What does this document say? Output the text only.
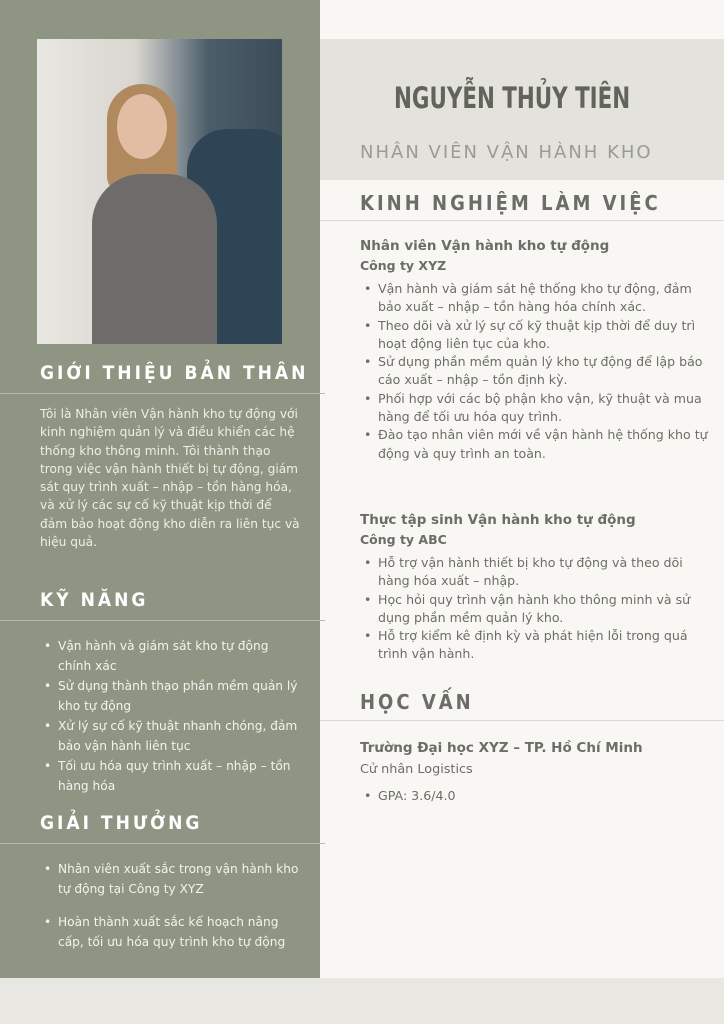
GIỚI THIỆU BẢN THÂN
Tôi là Nhân viên Vận hành kho tự động với kinh nghiệm quản lý và điều khiển các hệ thống kho thông minh. Tôi thành thạo trong việc vận hành thiết bị tự động, giám sát quy trình xuất – nhập – tồn hàng hóa, và xử lý các sự cố kỹ thuật kịp thời để đảm bảo hoạt động kho diễn ra liên tục và hiệu quả.
KỸ NĂNG
• Vận hành và giám sát kho tự động chính xác
• Sử dụng thành thạo phần mềm quản lý kho tự động
• Xử lý sự cố kỹ thuật nhanh chóng, đảm bảo vận hành liên tục
• Tối ưu hóa quy trình xuất – nhập – tồn hàng hóa
GIẢI THƯỞNG
• Nhân viên xuất sắc trong vận hành kho tự động tại Công ty XYZ
• Hoàn thành xuất sắc kế hoạch nâng cấp, tối ưu hóa quy trình kho tự động
NGUYỄN THỦY TIÊN
NHÂN VIÊN VẬN HÀNH KHO
KINH NGHIỆM LÀM VIỆC
Nhân viên Vận hành kho tự động
Công ty XYZ
• Vận hành và giám sát hệ thống kho tự động, đảm bảo xuất – nhập – tồn hàng hóa chính xác.
• Theo dõi và xử lý sự cố kỹ thuật kịp thời để duy trì hoạt động liên tục của kho.
• Sử dụng phần mềm quản lý kho tự động để lập báo cáo xuất – nhập – tồn định kỳ.
• Phối hợp với các bộ phận kho vận, kỹ thuật và mua hàng để tối ưu hóa quy trình.
• Đào tạo nhân viên mới về vận hành hệ thống kho tự động và quy trình an toàn.
Thực tập sinh Vận hành kho tự động
Công ty ABC
• Hỗ trợ vận hành thiết bị kho tự động và theo dõi hàng hóa xuất – nhập.
• Học hỏi quy trình vận hành kho thông minh và sử dụng phần mềm quản lý kho.
• Hỗ trợ kiểm kê định kỳ và phát hiện lỗi trong quá trình vận hành.
HỌC VẤN
Trường Đại học XYZ – TP. Hồ Chí Minh
Cử nhân Logistics
• GPA: 3.6/4.0
